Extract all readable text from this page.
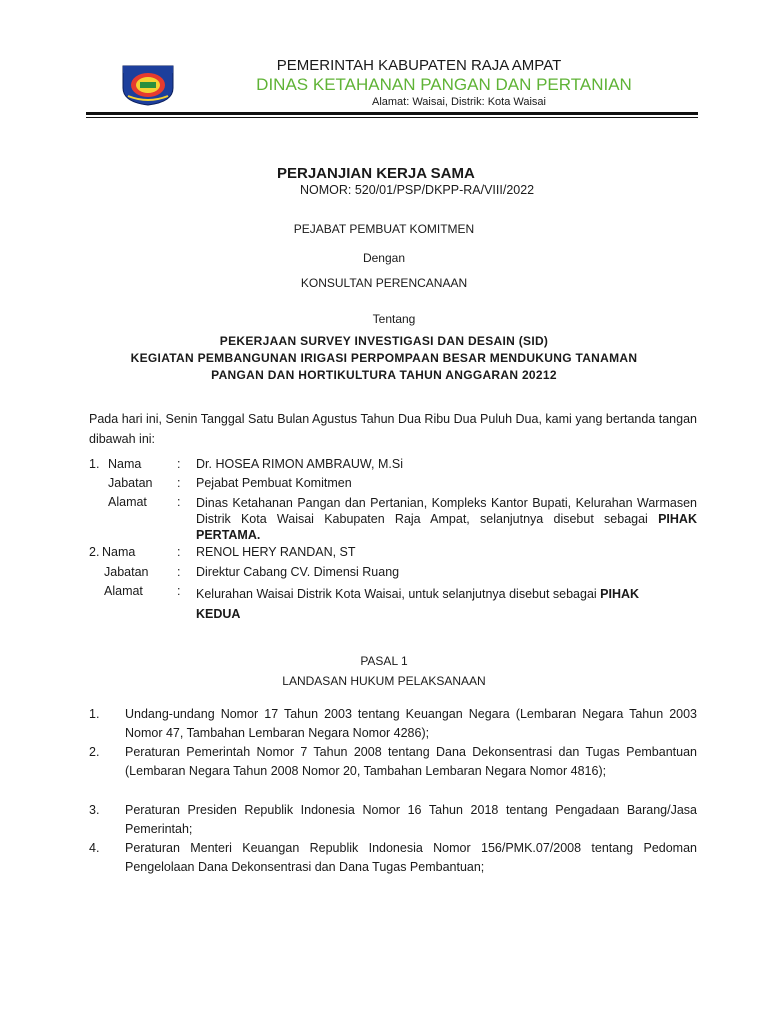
PEMERINTAH KABUPATEN RAJA AMPAT
DINAS KETAHANAN PANGAN DAN PERTANIAN
Alamat: Waisai, Distrik: Kota Waisai
PERJANJIAN KERJA SAMA
NOMOR: 520/01/PSP/DKPP-RA/VIII/2022
PEJABAT PEMBUAT KOMITMEN
Dengan
KONSULTAN PERENCANAAN
Tentang
PEKERJAAN SURVEY INVESTIGASI DAN DESAIN (SID)
KEGIATAN PEMBANGUNAN IRIGASI PERPOMPAAN BESAR MENDUKUNG TANAMAN
PANGAN DAN HORTIKULTURA TAHUN ANGGARAN 20212
Pada hari ini, Senin Tanggal Satu Bulan Agustus Tahun Dua Ribu Dua Puluh Dua, kami yang bertanda tangan dibawah ini:
1. Nama	: Dr. HOSEA RIMON AMBRAUW, M.Si
Jabatan : Pejabat Pembuat Komitmen
Alamat : Dinas Ketahanan Pangan dan Pertanian, Kompleks Kantor Bupati, Kelurahan Warmasen Distrik Kota Waisai Kabupaten Raja Ampat, selanjutnya disebut sebagai PIHAK PERTAMA.
2. Nama	: RENOL HERY RANDAN, ST
Jabatan : Direktur Cabang CV. Dimensi Ruang
Alamat	: Kelurahan Waisai Distrik Kota Waisai, untuk selanjutnya disebut sebagai PIHAK
KEDUA
PASAL 1
LANDASAN HUKUM PELAKSANAAN
1. Undang-undang Nomor 17 Tahun 2003 tentang Keuangan Negara (Lembaran Negara Tahun 2003 Nomor 47, Tambahan Lembaran Negara Nomor 4286);
2. Peraturan Pemerintah Nomor 7 Tahun 2008 tentang Dana Dekonsentrasi dan Tugas Pembantuan (Lembaran Negara Tahun 2008 Nomor 20, Tambahan Lembaran Negara Nomor 4816);
3. Peraturan Presiden Republik Indonesia Nomor 16 Tahun 2018 tentang Pengadaan Barang/Jasa Pemerintah;
4. Peraturan Menteri Keuangan Republik Indonesia Nomor 156/PMK.07/2008 tentang Pedoman Pengelolaan Dana Dekonsentrasi dan Dana Tugas Pembantuan;
